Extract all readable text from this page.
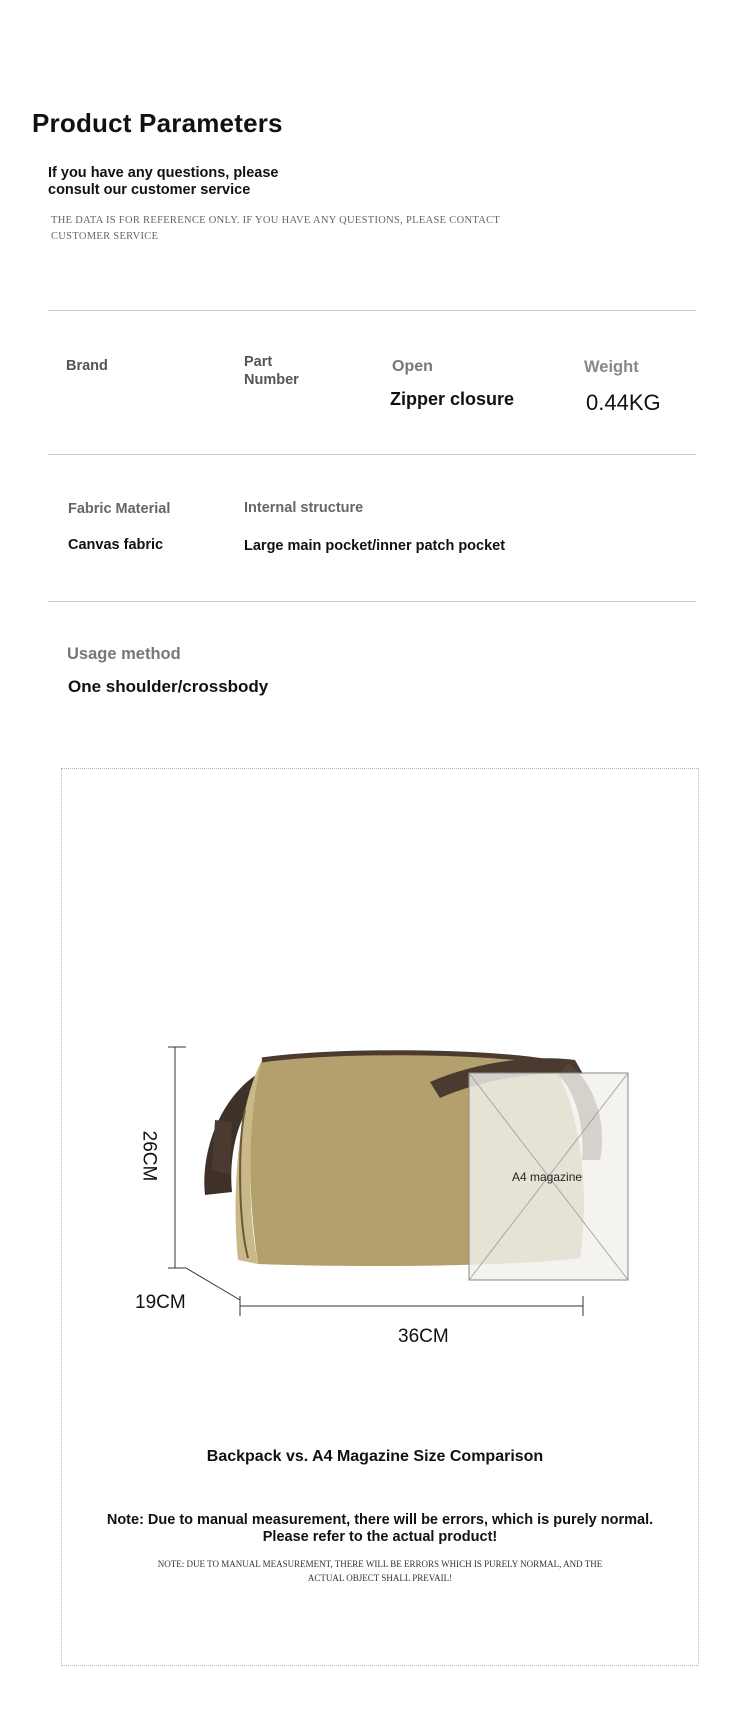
Product Parameters
If you have any questions, please consult our customer service
THE DATA IS FOR REFERENCE ONLY. IF YOU HAVE ANY QUESTIONS, PLEASE CONTACT CUSTOMER SERVICE
Brand	Part Number
Open
Zipper closure
Weight
0.44KG
Fabric Material
Canvas fabric
Internal structure
Large main pocket/inner patch pocket
Usage method
One shoulder/crossbody
A4 magazine
26CM
19CM
36CM
Backpack vs. A4 Magazine Size Comparison
Note: Due to manual measurement, there will be errors, which is purely normal. Please refer to the actual product!
NOTE: DUE TO MANUAL MEASUREMENT, THERE WILL BE ERRORS WHICH IS PURELY NORMAL, AND THE ACTUAL OBJECT SHALL PREVAIL!
